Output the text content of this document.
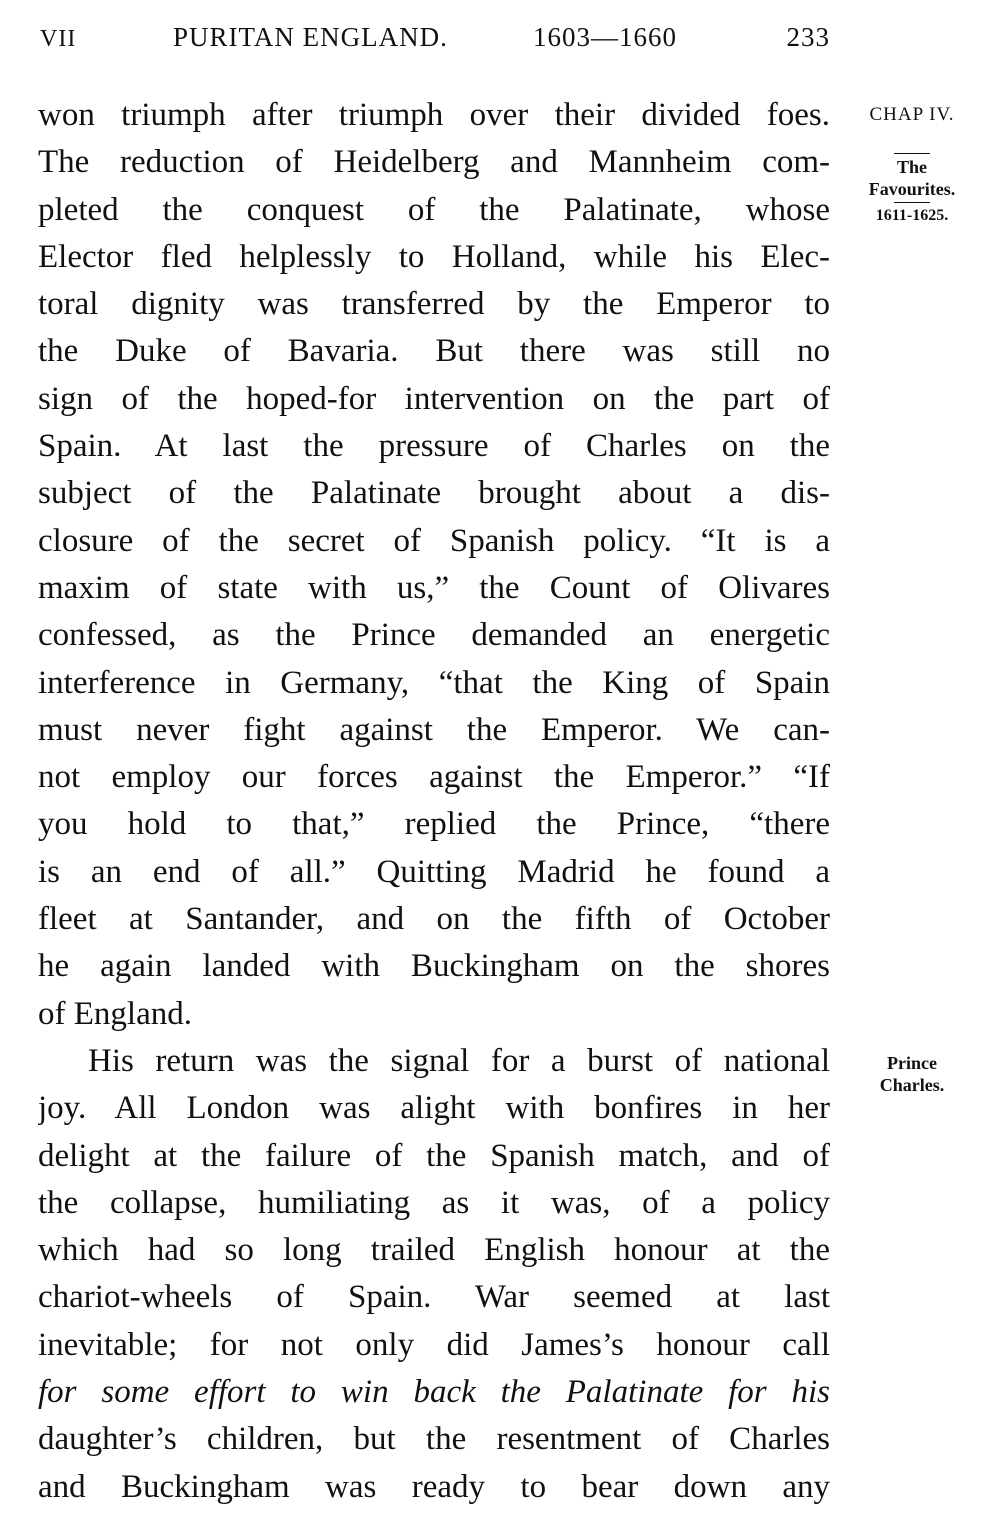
VII	PURITAN ENGLAND.	1603—1660	233
CHAP IV.
The Favourites.
1611-1625.
Prince Charles.
won triumph after triumph over their divided foes.
The reduction of Heidelberg and Mannheim com-
pleted the conquest of the Palatinate, whose
Elector fled helplessly to Holland, while his Elec-
toral dignity was transferred by the Emperor to
the Duke of Bavaria. But there was still no
sign of the hoped-for intervention on the part of
Spain. At last the pressure of Charles on the
subject of the Palatinate brought about a dis-
closure of the secret of Spanish policy. “It is a
maxim of state with us,” the Count of Olivares
confessed, as the Prince demanded an energetic
interference in Germany, “that the King of Spain
must never fight against the Emperor. We can-
not employ our forces against the Emperor.” “If
you hold to that,” replied the Prince, “there
is an end of all.” Quitting Madrid he found a
fleet at Santander, and on the fifth of October
he again landed with Buckingham on the shores
of England.
His return was the signal for a burst of national
joy. All London was alight with bonfires in her
delight at the failure of the Spanish match, and of
the collapse, humiliating as it was, of a policy
which had so long trailed English honour at the
chariot-wheels of Spain. War seemed at last
inevitable; for not only did James’s honour call
for some effort to win back the Palatinate for his
daughter’s children, but the resentment of Charles
and Buckingham was ready to bear down any
